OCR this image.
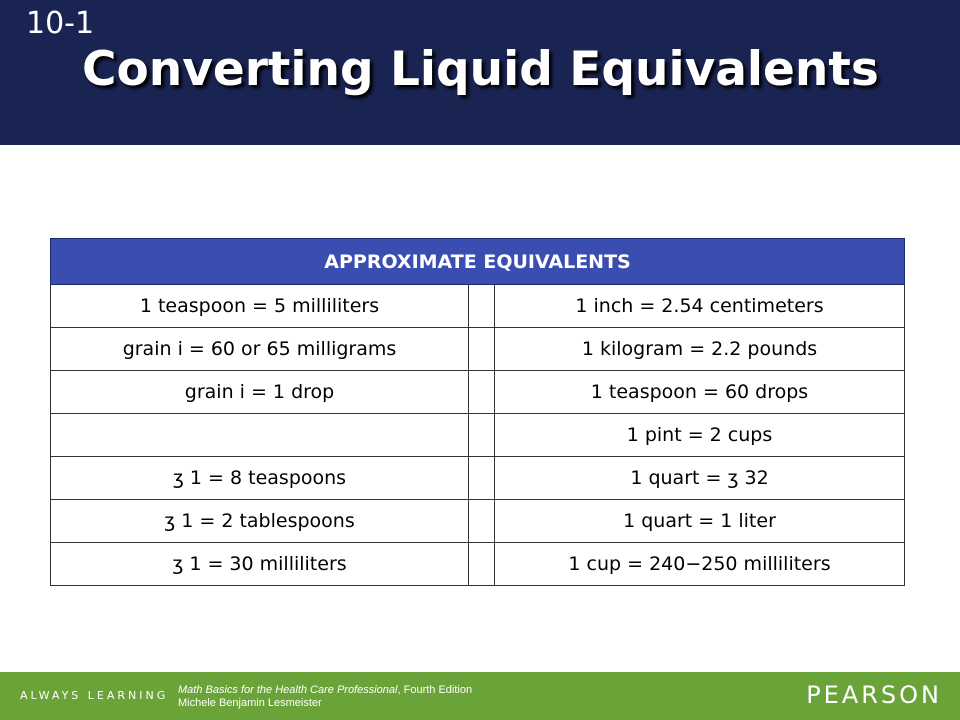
10-1
Converting Liquid Equivalents
APPROXIMATE EQUIVALENTS		
1 teaspoon = 5 milliliters		1 inch = 2.54 centimeters
grain i = 60 or 65 milligrams		1 kilogram = 2.2 pounds
grain i = 1 drop		1 teaspoon = 60 drops
		1 pint = 2 cups
ʒ 1 = 8 teaspoons		1 quart = ʒ 32
ʒ 1 = 2 tablespoons		1 quart = 1 liter
ʒ 1 = 30 milliliters		1 cup = 240−250 milliliters
ALWAYS LEARNING Math Basics for the Health Care Professional, Fourth Edition
Michele Benjamin Lesmeister	PEARSON
